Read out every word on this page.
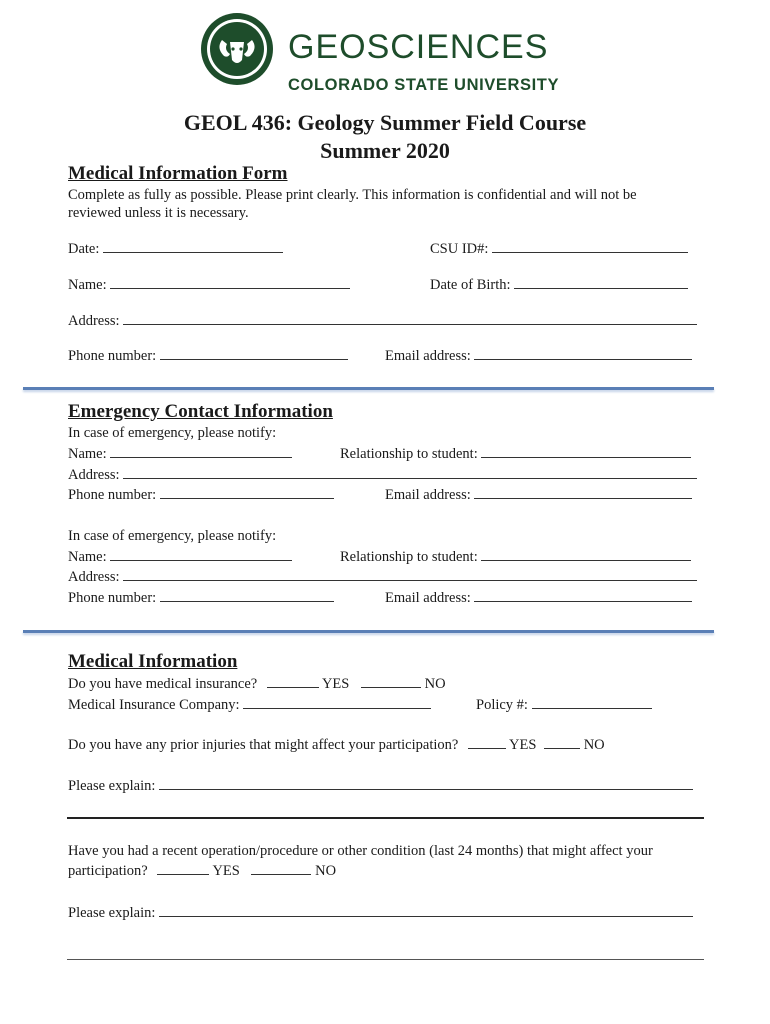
GEOSCIENCES
COLORADO STATE UNIVERSITY
GEOL 436: Geology Summer Field Course
Summer 2020
Medical Information Form
Complete as fully as possible. Please print clearly. This information is confidential and will not be
reviewed unless it is necessary.
Date:	CSU ID#:
Name:	Date of Birth:
Address:
Phone number:	Email address:
Emergency Contact Information
In case of emergency, please notify:
Name:	Relationship to student:
Address:
Phone number:	Email address:
In case of emergency, please notify:
Name:	Relationship to student:
Address:
Phone number:	Email address:
Medical Information
Do you have medical insurance?	YES	NO
Medical Insurance Company:	Policy #:
Do you have any prior injuries that might affect your participation?	YES	NO
Please explain:
Have you had a recent operation/procedure or other condition (last 24 months) that might affect your
participation?	YES	NO
Please explain:
